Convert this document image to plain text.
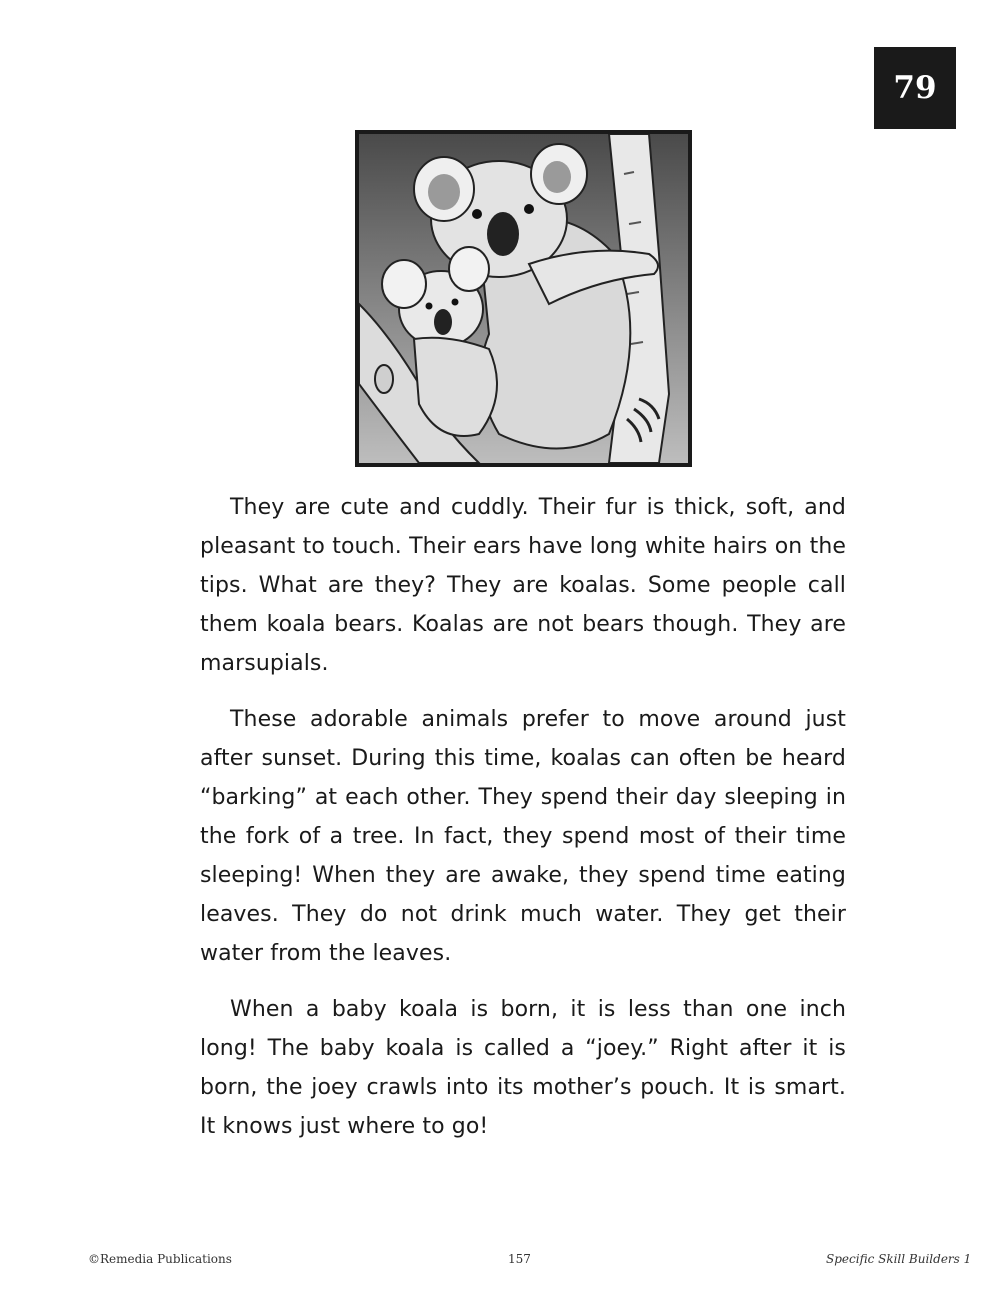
79

They are cute and cuddly. Their fur is thick, soft, and pleasant to touch. Their ears have long white hairs on the tips. What are they? They are koalas. Some people call them koala bears. Koalas are not bears though. They are marsupials.

These adorable animals prefer to move around just after sunset. During this time, koalas can often be heard “barking” at each other. They spend their day sleeping in the fork of a tree. In fact, they spend most of their time sleeping! When they are awake, they spend time eating leaves. They do not drink much water. They get their water from the leaves.

When a baby koala is born, it is less than one inch long! The baby koala is called a “joey.” Right after it is born, the joey crawls into its mother’s pouch. It is smart. It knows just where to go!

©Remedia Publications	157	Specific Skill Builders 1
